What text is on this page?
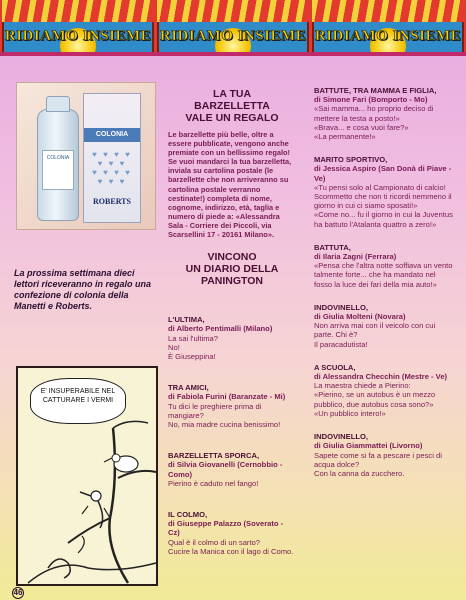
RIDIAMO INSIEME RIDIAMO INSIEME RIDIAMO INSIEME
COLONIA
COLONIA
♥ ♥ ♥ ♥
♥ ♥ ♥
♥ ♥ ♥ ♥
♥ ♥ ♥
ROBERTS
La prossima settimana dieci lettori riceveranno in regalo una confezione di colonia della Manetti e Roberts.
E' INSUPERABILE NEL CATTURARE I VERMI
46
LA TUA
BARZELLETTA
VALE UN REGALO
Le barzellette più belle, oltre a essere pubblicate, vengono anche premiate con un bellissimo regalo! Se vuoi mandarci la tua barzelletta, inviala su cartolina postale (le barzellette che non arriveranno su cartolina postale verranno cestinate!) completa di nome, cognome, indirizzo, età, taglia e numero di piede a: «Alessandra Sala - Corriere dei Piccoli, via Scarsellini 17 - 20161 Milano».
VINCONO
UN DIARIO DELLA
PANINGTON
L'ULTIMA,
di Alberto Pentimalli (Milano)
La sai l'ultima?
No!
È Giuseppina!
TRA AMICI,
di Fabiola Furini (Baranzate - Mi)
Tu dici le preghiere prima di mangiare?
No, mia madre cucina benissimo!
BARZELLETTA SPORCA,
di Silvia Giovanelli (Cernobbio - Como)
Pierino è caduto nel fango!
IL COLMO,
di Giuseppe Palazzo (Soverato - Cz)
Qual è il colmo di un sarto?
Cucire la Manica con il lago di Como.
BATTUTE, TRA MAMMA E FIGLIA,
di Simone Fari (Bomporto - Mo)
«Sai mamma... ho proprio deciso di mettere la testa a posto!»
«Brava... e cosa vuoi fare?»
«La permanente!»
MARITO SPORTIVO,
di Jessica Aspiro (San Donà di Piave - Ve)
«Tu pensi solo al Campionato di calcio! Scommetto che non ti ricordi nemmeno il giorno in cui ci siamo sposati!»
«Come no... fu il giorno in cui la Juventus ha battuto l'Atalanta quattro a zero!»
BATTUTA,
di Ilaria Zagni (Ferrara)
«Pensa che l'altra notte soffiava un vento talmente forte... che ha mandato nel fosso la luce dei fari della mia auto!»
INDOVINELLO,
di Giulia Molteni (Novara)
Non arriva mai con il veicolo con cui parte. Chi è?
Il paracadutista!
A SCUOLA,
di Alessandra Checchin (Mestre - Ve)
La maestra chiede a Pierino:
«Pierino, se un autobus è un mezzo pubblico, due autobus cosa sono?»
«Un pubblico intero!»
INDOVINELLO,
di Giulia Giammattei (Livorno)
Sapete come si fa a pescare i pesci di acqua dolce?
Con la canna da zucchero.
